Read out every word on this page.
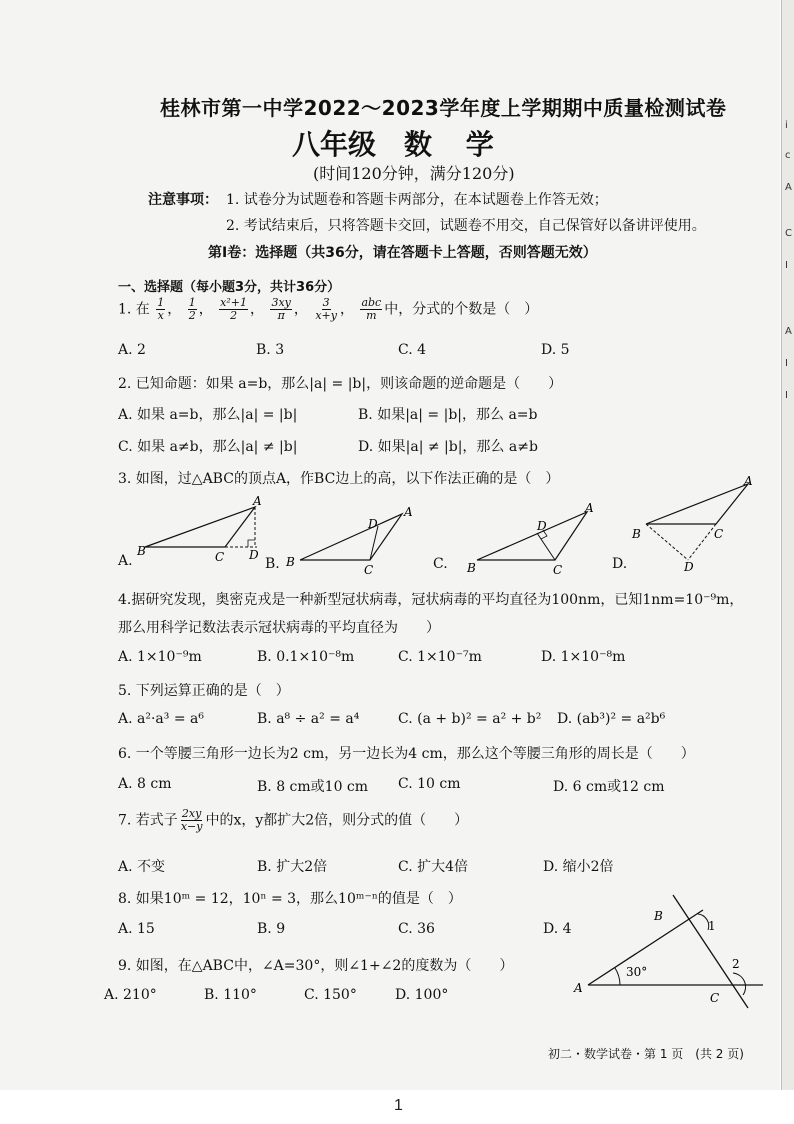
桂林市第一中学2022～2023学年度上学期期中质量检测试卷
八年级　数 学
(时间120分钟，满分120分)
注意事项： 1. 试卷分为试题卷和答题卡两部分，在本试题卷上作答无效；
2. 考试结束后，只将答题卡交回，试题卷不用交，自己保管好以备讲评使用。
第Ⅰ卷：选择题（共36分，请在答题卡上答题，否则答题无效）
一、选择题（每小题3分，共计36分）
1. 在 $\frac{1}{x}$ ， $\frac{1}{2}$ ， $\frac{\text{x²+1}}{2}$ ， $\frac{3xy}{\pi}$ ， $\frac{3}{x+y}$ ， $\frac{\text{abc}}{m}$ 中，分式的个数是（　）
A. 2	B. 3	C. 4	D. 5
2. 已知命题：如果 a=b，那么|a| = |b|，则该命题的逆命题是（　　）
A. 如果 a=b，那么|a| = |b|	B. 如果|a| = |b|，那么 a=b
C. 如果 a≠b，那么|a| ≠ |b|	D. 如果|a| ≠ |b|，那么 a≠b
3. 如图，过△ABC的顶点A，作BC边上的高，以下作法正确的是（　）
A.	B.	C.	D.
A
B	C D
A
B
C
D
A
B	C
D
A
B	C
D
4.据研究发现，奥密克戎是一种新型冠状病毒，冠状病毒的平均直径为100nm，已知1nm=10⁻⁹m，
那么用科学记数法表示冠状病毒的平均直径为　　）
A. 1×10⁻⁹m	B. 0.1×10⁻⁸m	C. 1×10⁻⁷m	D. 1×10⁻⁸m
5. 下列运算正确的是（　）
A. a²·a³ = a⁶	B. a⁸ ÷ a² = a⁴	C. (a + b)² = a² + b² D. (ab³)² = a²b⁶
6. 一个等腰三角形一边长为2 cm，另一边长为4 cm，那么这个等腰三角形的周长是（　　）
A. 8 cm	B. 8 cm或10 cm C. 10 cm	D. 6 cm或12 cm
7. 若式子 $\frac{2xy}{x-y}$ 中的x，y都扩大2倍，则分式的值（　　）
A. 不变	B. 扩大2倍	C. 扩大4倍	D. 缩小2倍
8. 如果10ᵐ = 12，10ⁿ = 3，那么10ᵐ⁻ⁿ的值是（　）
A. 15	B. 9	C. 36	D. 4
9. 如图，在△ABC中，∠A=30°，则∠1+∠2的度数为（　　）
A. 210°	B. 110°	C. 150°	D. 100°	A
B
C
1
2
30°
初二・数学试卷・第 1 页　(共 2 页)
i
c
A
C
I
A
I
I
1
